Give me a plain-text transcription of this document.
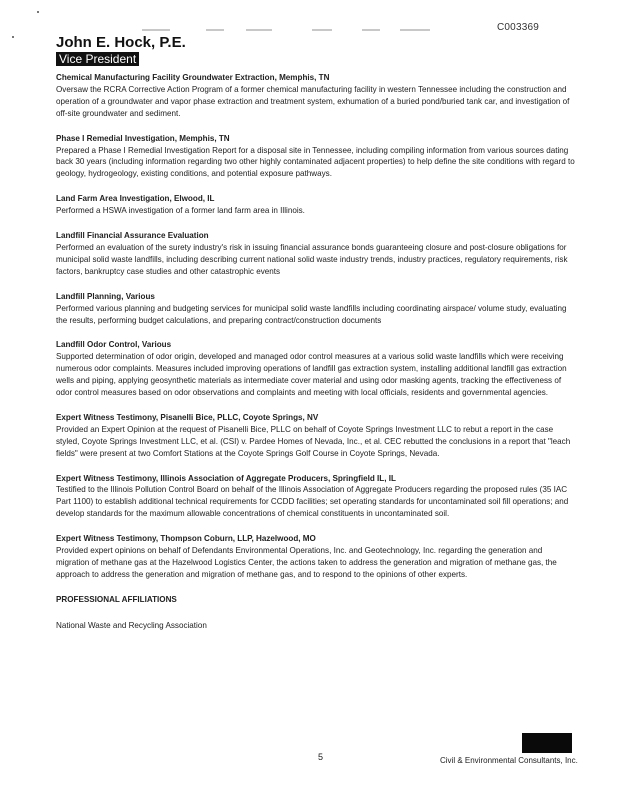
C003369
John E. Hock, P.E.
Vice President
Chemical Manufacturing Facility Groundwater Extraction, Memphis, TN
Oversaw the RCRA Corrective Action Program of a former chemical manufacturing facility in western Tennessee including the construction and operation of a groundwater and vapor phase extraction and treatment system, exhumation of a buried pond/buried tank car, and investigation of off-site groundwater and sediment.
Phase I Remedial Investigation, Memphis, TN
Prepared a Phase I Remedial Investigation Report for a disposal site in Tennessee, including compiling information from various sources dating back 30 years (including information regarding two other highly contaminated adjacent properties) to help define the site conditions with regard to geology, hydrogeology, existing conditions, and potential exposure pathways.
Land Farm Area Investigation, Elwood, IL
Performed a HSWA investigation of a former land farm area in Illinois.
Landfill Financial Assurance Evaluation
Performed an evaluation of the surety industry's risk in issuing financial assurance bonds guaranteeing closure and post-closure obligations for municipal solid waste landfills, including describing current national solid waste industry trends, industry practices, regulatory requirements, risk factors, bankruptcy case studies and other catastrophic events
Landfill Planning, Various
Performed various planning and budgeting services for municipal solid waste landfills including coordinating airspace/ volume study, evaluating the results, performing budget calculations, and preparing contract/construction documents
Landfill Odor Control, Various
Supported determination of odor origin, developed and managed odor control measures at a various solid waste landfills which were receiving numerous odor complaints. Measures included improving operations of landfill gas extraction system, installing additional landfill gas extraction wells and piping, applying geosynthetic materials as intermediate cover material and using odor masking agents, tracking the effectiveness of odor control measures based on odor observations and complaints and meeting with local officials, residents and governmental agencies.
Expert Witness Testimony, Pisanelli Bice, PLLC, Coyote Springs, NV
Provided an Expert Opinion at the request of Pisanelli Bice, PLLC on behalf of Coyote Springs Investment LLC to rebut a report in the case styled, Coyote Springs Investment LLC, et al. (CSI) v. Pardee Homes of Nevada, Inc., et al. CEC rebutted the conclusions in a report that "leach fields" were present at two Comfort Stations at the Coyote Springs Golf Course in Coyote Springs, Nevada.
Expert Witness Testimony, Illinois Association of Aggregate Producers, Springfield IL, IL
Testified to the Illinois Pollution Control Board on behalf of the Illinois Association of Aggregate Producers regarding the proposed rules (35 IAC Part 1100) to establish additional technical requirements for CCDD facilities; set operating standards for uncontaminated soil fill operations; and develop standards for the maximum allowable concentrations of chemical constituents in uncontaminated soil.
Expert Witness Testimony, Thompson Coburn, LLP, Hazelwood, MO
Provided expert opinions on behalf of Defendants Environmental Operations, Inc. and Geotechnology, Inc. regarding the generation and migration of methane gas at the Hazelwood Logistics Center, the actions taken to address the generation and migration of methane gas, the approach to address the generation and migration of methane gas, and to respond to the opinions of other experts.
PROFESSIONAL AFFILIATIONS
National Waste and Recycling Association
5	Civil & Environmental Consultants, Inc.
